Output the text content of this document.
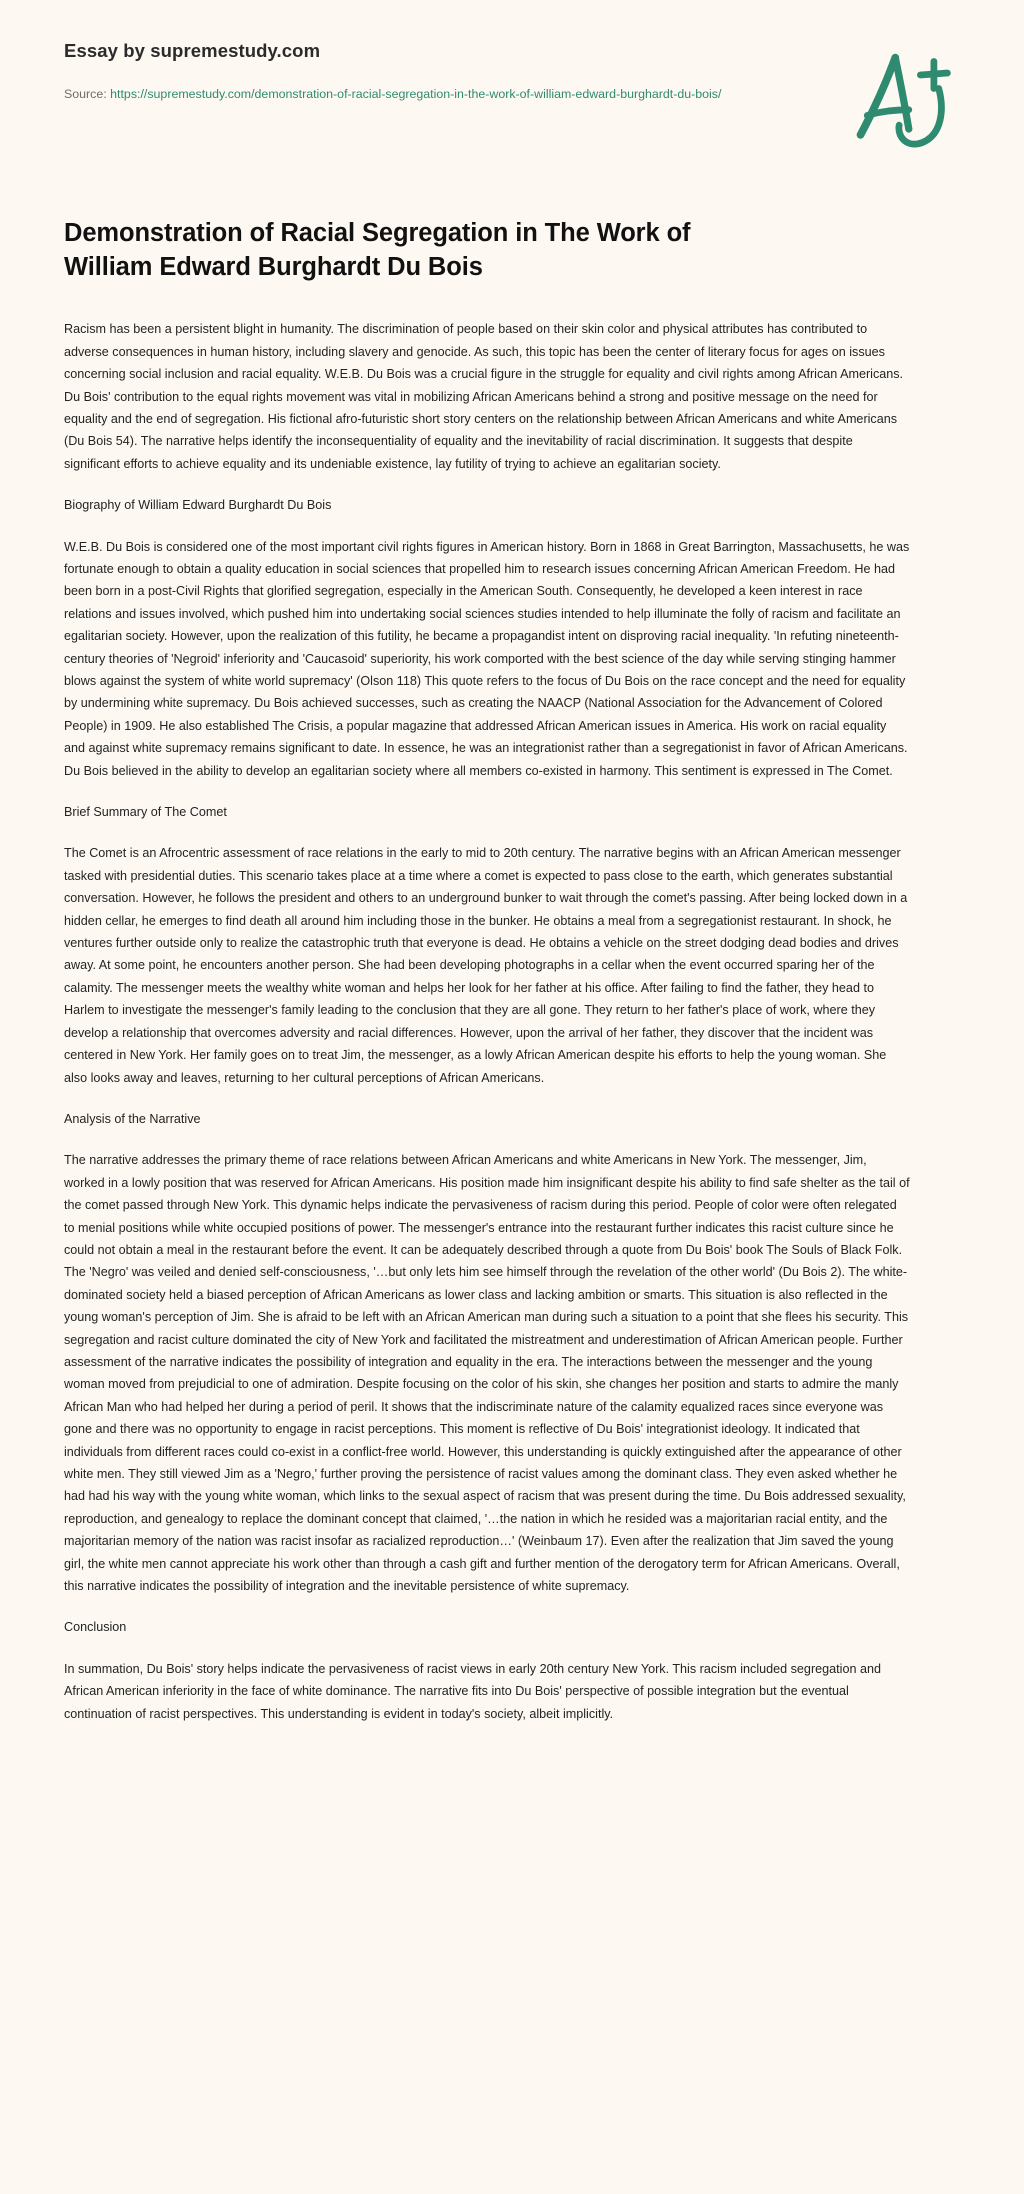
Essay by supremestudy.com
Source: https://supremestudy.com/demonstration-of-racial-segregation-in-the-work-of-william-edward-burghardt-du-bois/
Demonstration of Racial Segregation in The Work of William Edward Burghardt Du Bois

Racism has been a persistent blight in humanity. The discrimination of people based on their skin color and physical attributes has contributed to adverse consequences in human history, including slavery and genocide. As such, this topic has been the center of literary focus for ages on issues concerning social inclusion and racial equality. W.E.B. Du Bois was a crucial figure in the struggle for equality and civil rights among African Americans. Du Bois' contribution to the equal rights movement was vital in mobilizing African Americans behind a strong and positive message on the need for equality and the end of segregation. His fictional afro-futuristic short story centers on the relationship between African Americans and white Americans (Du Bois 54). The narrative helps identify the inconsequentiality of equality and the inevitability of racial discrimination. It suggests that despite significant efforts to achieve equality and its undeniable existence, lay futility of trying to achieve an egalitarian society.

Biography of William Edward Burghardt Du Bois

W.E.B. Du Bois is considered one of the most important civil rights figures in American history. Born in 1868 in Great Barrington, Massachusetts, he was fortunate enough to obtain a quality education in social sciences that propelled him to research issues concerning African American Freedom. He had been born in a post-Civil Rights that glorified segregation, especially in the American South. Consequently, he developed a keen interest in race relations and issues involved, which pushed him into undertaking social sciences studies intended to help illuminate the folly of racism and facilitate an egalitarian society. However, upon the realization of this futility, he became a propagandist intent on disproving racial inequality. 'In refuting nineteenth-century theories of 'Negroid' inferiority and 'Caucasoid' superiority, his work comported with the best science of the day while serving stinging hammer blows against the system of white world supremacy' (Olson 118) This quote refers to the focus of Du Bois on the race concept and the need for equality by undermining white supremacy. Du Bois achieved successes, such as creating the NAACP (National Association for the Advancement of Colored People) in 1909. He also established The Crisis, a popular magazine that addressed African American issues in America. His work on racial equality and against white supremacy remains significant to date. In essence, he was an integrationist rather than a segregationist in favor of African Americans. Du Bois believed in the ability to develop an egalitarian society where all members co-existed in harmony. This sentiment is expressed in The Comet.

Brief Summary of The Comet

The Comet is an Afrocentric assessment of race relations in the early to mid to 20th century. The narrative begins with an African American messenger tasked with presidential duties. This scenario takes place at a time where a comet is expected to pass close to the earth, which generates substantial conversation. However, he follows the president and others to an underground bunker to wait through the comet's passing. After being locked down in a hidden cellar, he emerges to find death all around him including those in the bunker. He obtains a meal from a segregationist restaurant. In shock, he ventures further outside only to realize the catastrophic truth that everyone is dead. He obtains a vehicle on the street dodging dead bodies and drives away. At some point, he encounters another person. She had been developing photographs in a cellar when the event occurred sparing her of the calamity. The messenger meets the wealthy white woman and helps her look for her father at his office. After failing to find the father, they head to Harlem to investigate the messenger's family leading to the conclusion that they are all gone. They return to her father's place of work, where they develop a relationship that overcomes adversity and racial differences. However, upon the arrival of her father, they discover that the incident was centered in New York. Her family goes on to treat Jim, the messenger, as a lowly African American despite his efforts to help the young woman. She also looks away and leaves, returning to her cultural perceptions of African Americans.

Analysis of the Narrative

The narrative addresses the primary theme of race relations between African Americans and white Americans in New York. The messenger, Jim, worked in a lowly position that was reserved for African Americans. His position made him insignificant despite his ability to find safe shelter as the tail of the comet passed through New York. This dynamic helps indicate the pervasiveness of racism during this period. People of color were often relegated to menial positions while white occupied positions of power. The messenger's entrance into the restaurant further indicates this racist culture since he could not obtain a meal in the restaurant before the event. It can be adequately described through a quote from Du Bois' book The Souls of Black Folk. The 'Negro' was veiled and denied self-consciousness, '…but only lets him see himself through the revelation of the other world' (Du Bois 2). The white-dominated society held a biased perception of African Americans as lower class and lacking ambition or smarts. This situation is also reflected in the young woman's perception of Jim. She is afraid to be left with an African American man during such a situation to a point that she flees his security. This segregation and racist culture dominated the city of New York and facilitated the mistreatment and underestimation of African American people. Further assessment of the narrative indicates the possibility of integration and equality in the era. The interactions between the messenger and the young woman moved from prejudicial to one of admiration. Despite focusing on the color of his skin, she changes her position and starts to admire the manly African Man who had helped her during a period of peril. It shows that the indiscriminate nature of the calamity equalized races since everyone was gone and there was no opportunity to engage in racist perceptions. This moment is reflective of Du Bois' integrationist ideology. It indicated that individuals from different races could co-exist in a conflict-free world. However, this understanding is quickly extinguished after the appearance of other white men. They still viewed Jim as a 'Negro,' further proving the persistence of racist values among the dominant class. They even asked whether he had had his way with the young white woman, which links to the sexual aspect of racism that was present during the time. Du Bois addressed sexuality, reproduction, and genealogy to replace the dominant concept that claimed, '…the nation in which he resided was a majoritarian racial entity, and the majoritarian memory of the nation was racist insofar as racialized reproduction…' (Weinbaum 17). Even after the realization that Jim saved the young girl, the white men cannot appreciate his work other than through a cash gift and further mention of the derogatory term for African Americans. Overall, this narrative indicates the possibility of integration and the inevitable persistence of white supremacy.

Conclusion

In summation, Du Bois' story helps indicate the pervasiveness of racist views in early 20th century New York. This racism included segregation and African American inferiority in the face of white dominance. The narrative fits into Du Bois' perspective of possible integration but the eventual continuation of racist perspectives. This understanding is evident in today's society, albeit implicitly.
